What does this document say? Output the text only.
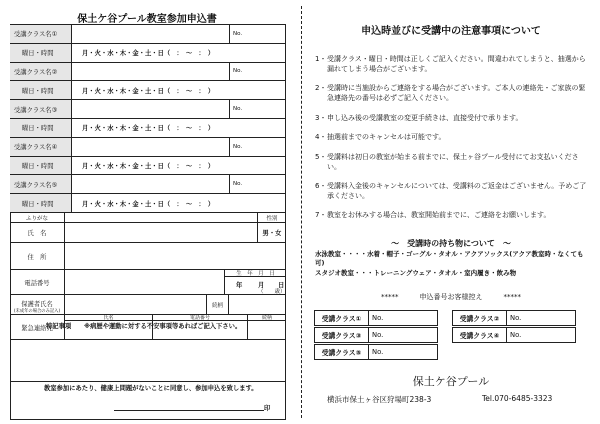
保土ケ谷プール教室参加申込書
受講クラス名①	No.
曜日・時間	月・火・水・木・金・土・日（　：　～　：　）
受講クラス名②	No.
曜日・時間	月・火・水・木・金・土・日（　：　～　：　）
受講クラス名③	No.
曜日・時間	月・火・水・木・金・土・日（　：　～　：　）
受講クラス名④	No.
曜日・時間	月・火・水・木・金・土・日（　：　～　：　）
受講クラス名⑤	No.
曜日・時間	月・火・水・木・金・土・日（　：　～　：　）
ふりがな	性別
氏　名	男・女
住　所
電話番号
生　年　月　日
年 月 日
（　　歳）
保護者氏名
(未成年の場合のみ記入)
続柄
緊急連絡先
氏名	電話番号	続柄
特記事項 ※病歴や運動に対する不安事項等あればご記入下さい。
教室参加にあたり、健康上問題がないことに同意し、参加申込を致します。
印
申込時並びに受講中の注意事項について
1・ 受講クラス・曜日・時間は正しくご記入ください。間違われてしまうと、抽選から漏れてしまう場合がございます。
2・ 受講時に当施設からご連絡をする場合がございます。ご本人の連絡先・ご家族の緊急連絡先の番号は必ずご記入ください。
3・ 申し込み後の受講教室の変更手続きは、直接受付で承ります。
4・ 抽選前までのキャンセルは可能です。
5・ 受講料は初日の教室が始まる前までに、保土ヶ谷プール受付にてお支払いください。
6・ 受講料入金後のキャンセルについては、受講料のご返金はございません。予めご了承ください。
7・ 教室をお休みする場合は、教室開始前までに、ご連絡をお願いします。
～　受講時の持ち物について　～
水泳教室・・・・水着・帽子・ゴーグル・タオル・アクアソックス(アクア教室時・なくても可)
スタジオ教室・・・トレーニングウェア・タオル・室内履き・飲み物
*****　　　申込番号お客様控え　　　*****
受講クラス①	No.	受講クラス②	No.
受講クラス③	No.	受講クラス④	No.
受講クラス⑤	No.
保土ケ谷プール
横浜市保土ヶ谷区狩場町238-3	Tel.070-6485-3323
